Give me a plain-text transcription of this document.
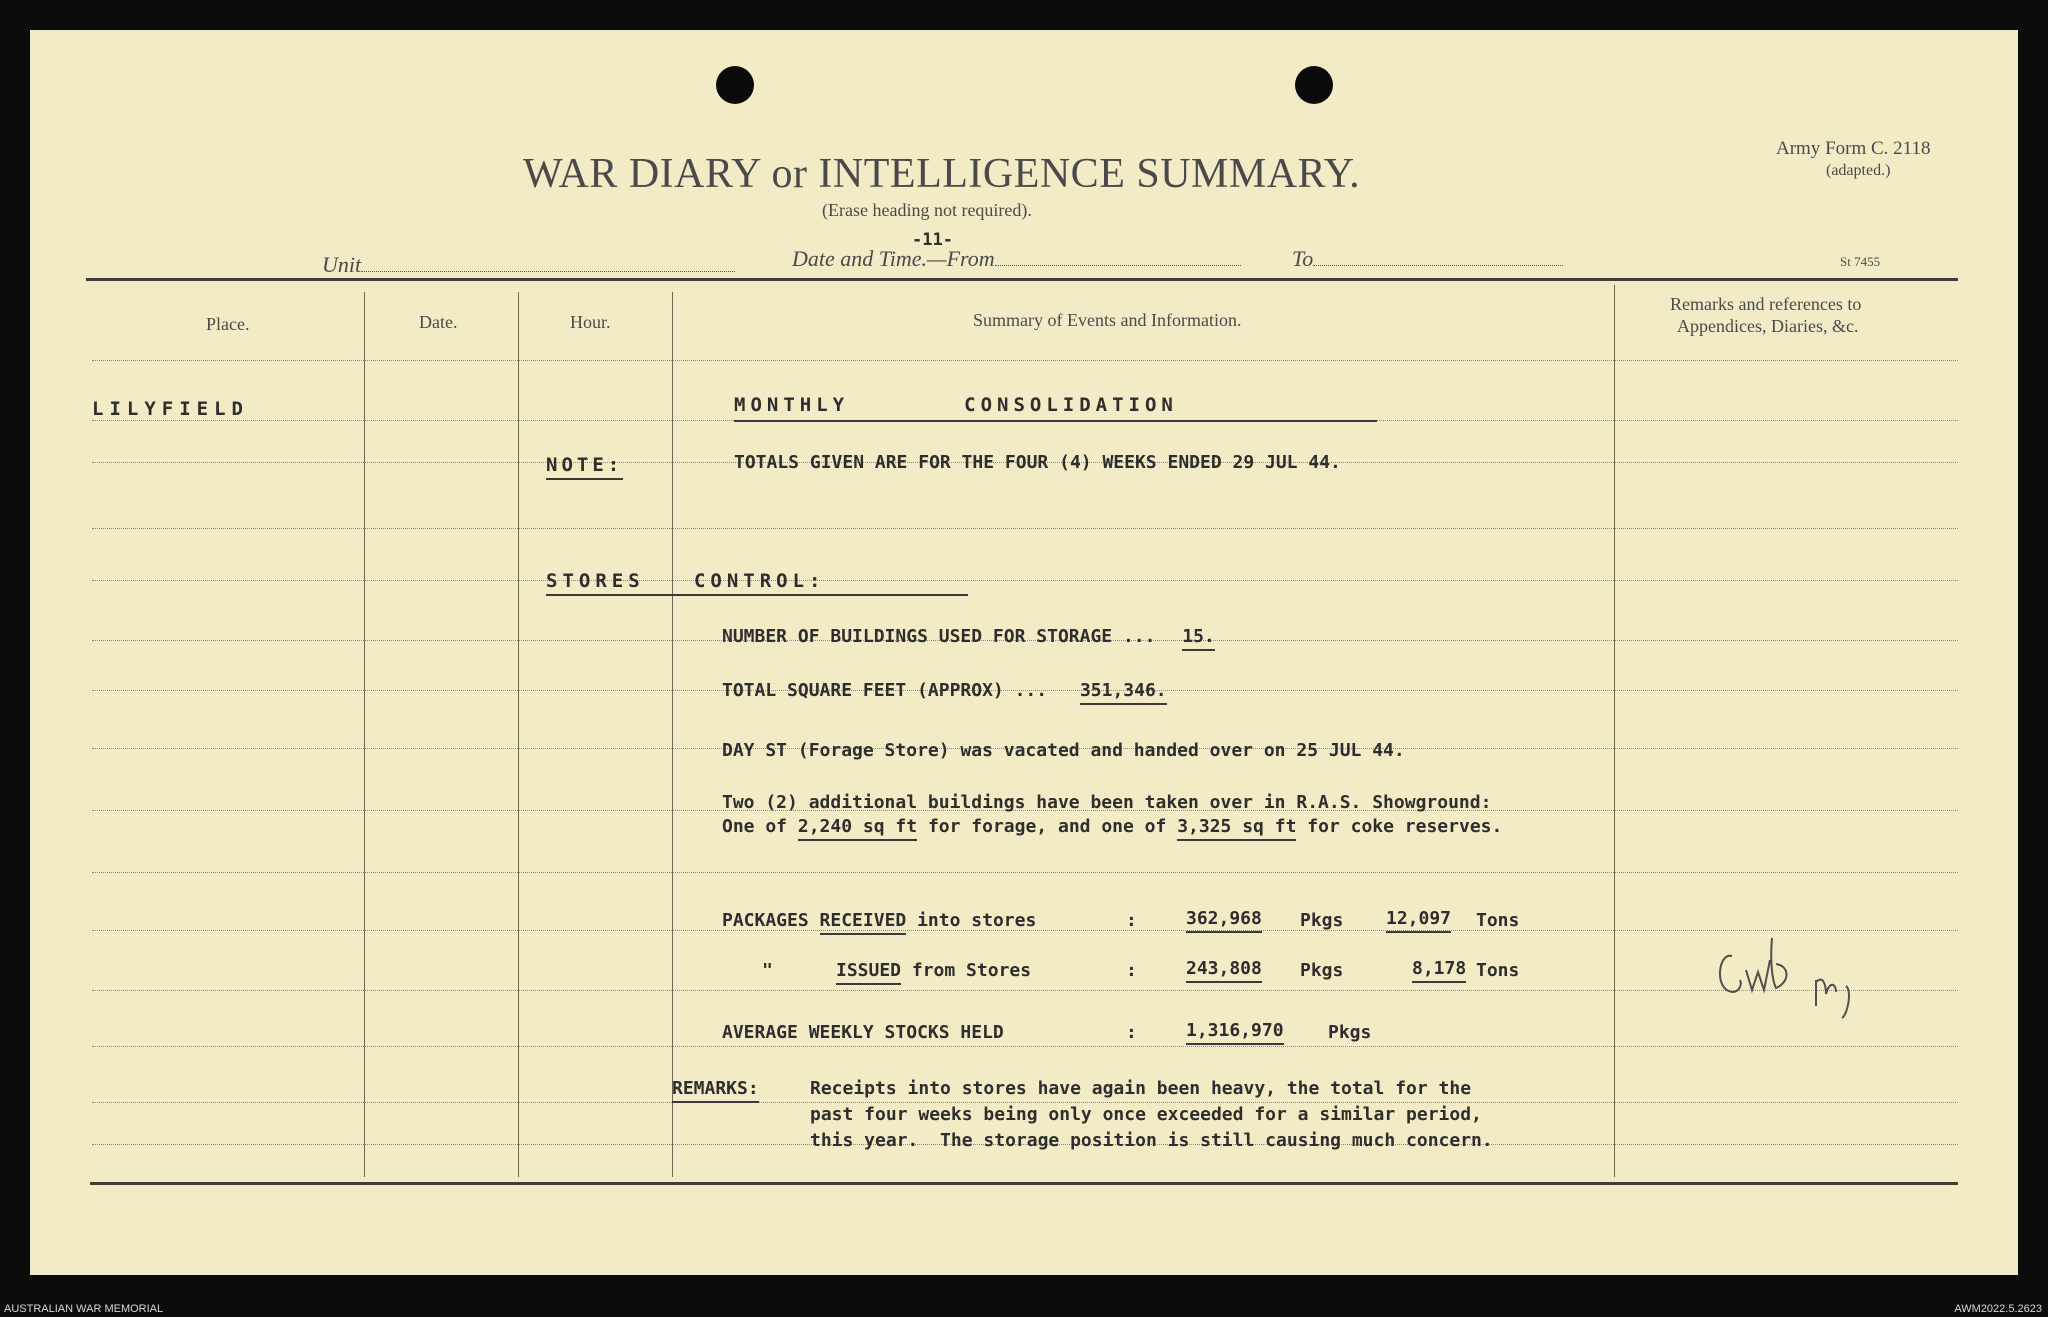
Army Form C. 2118
(adapted.)
WAR DIARY or INTELLIGENCE SUMMARY.
(Erase heading not required).
-11-
Unit	Date and Time.—From	To	St 7455
Place.	Date.	Hour.	Summary of Events and Information.
Remarks and references to
Appendices, Diaries, &c.
LILYFIELD	MONTHLY       CONSOLIDATION
NOTE:	TOTALS GIVEN ARE FOR THE FOUR (4) WEEKS ENDED 29 JUL 44.
STORES   CONTROL:
NUMBER OF BUILDINGS USED FOR STORAGE ... 15.
TOTAL SQUARE FEET (APPROX) ... 351,346.
DAY ST (Forage Store) was vacated and handed over on 25 JUL 44.
Two (2) additional buildings have been taken over in R.A.S. Showground:
One of 2,240 sq ft for forage, and one of 3,325 sq ft for coke reserves.
PACKAGES RECEIVED into stores	:	362,968 Pkgs 12,097 Tons
"	ISSUED from Stores	:	243,808 Pkgs	8,178 Tons
AVERAGE WEEKLY STOCKS HELD	:	1,316,970 Pkgs
REMARKS:	Receipts into stores have again been heavy, the total for the
past four weeks being only once exceeded for a similar period,
this year.  The storage position is still causing much concern.
AUSTRALIAN WAR MEMORIAL	AWM2022.5.2623
